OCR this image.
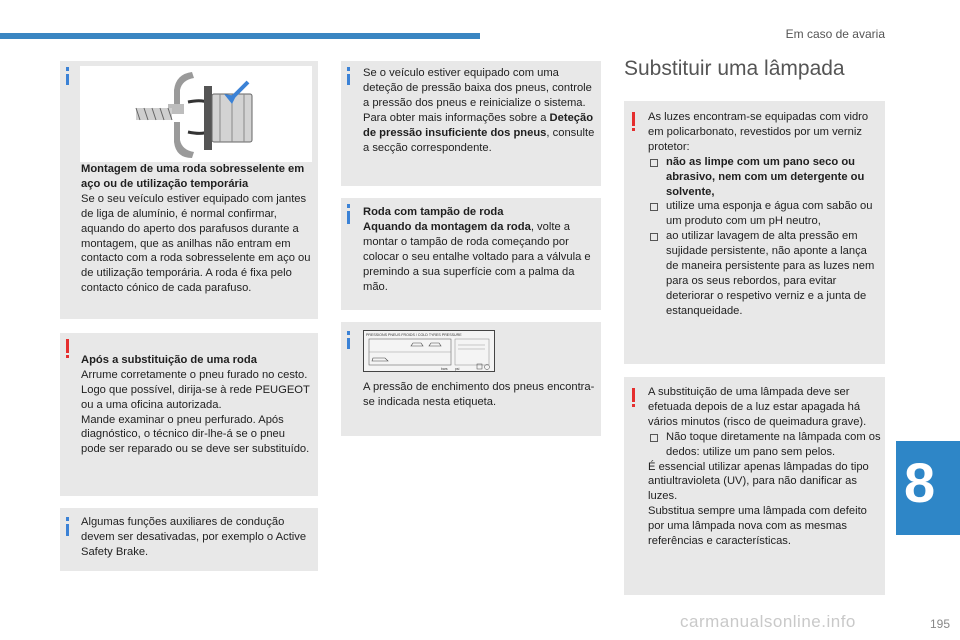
Em caso de avaria
Montagem de uma roda sobresselente em aço ou de utilização temporária
Se o seu veículo estiver equipado com jantes de liga de alumínio, é normal confirmar, aquando do aperto dos parafusos durante a montagem, que as anilhas não entram em contacto com a roda sobresselente em aço ou de utilização temporária. A roda é fixa pelo contacto cónico de cada parafuso.

Após a substituição de uma roda
Arrume corretamente o pneu furado no cesto.
Logo que possível, dirija-se à rede PEUGEOT ou a uma oficina autorizada.
Mande examinar o pneu perfurado. Após diagnóstico, o técnico dir-lhe-á se o pneu pode ser reparado ou se deve ser substituído.

Algumas funções auxiliares de condução devem ser desativadas, por exemplo o Active Safety Brake.
Se o veículo estiver equipado com uma deteção de pressão baixa dos pneus, controle a pressão dos pneus e reinicialize o sistema.
Para obter mais informações sobre a Deteção de pressão insuficiente dos pneus, consulte a secção correspondente.
Roda com tampão de roda
Aquando da montagem da roda, volte a montar o tampão de roda começando por colocar o seu entalhe voltado para a válvula e premindo a sua superfície com a palma da mão.
PRESSIONS PNEUS FROIDS / COLD TYRES PRESSURE
bars psi
A pressão de enchimento dos pneus encontra-se indicada nesta etiqueta.
Substituir uma lâmpada
As luzes encontram-se equipadas com vidro em policarbonato, revestidos por um verniz protetor:
não as limpe com um pano seco ou abrasivo, nem com um detergente ou solvente,
utilize uma esponja e água com sabão ou um produto com um pH neutro,
ao utilizar lavagem de alta pressão em sujidade persistente, não aponte a lança de maneira persistente para as luzes nem para os seus rebordos, para evitar deteriorar o respetivo verniz e a junta de estanqueidade.
A substituição de uma lâmpada deve ser efetuada depois de a luz estar apagada há vários minutos (risco de queimadura grave).
Não toque diretamente na lâmpada com os dedos: utilize um pano sem pelos.
É essencial utilizar apenas lâmpadas do tipo antiultravioleta (UV), para não danificar as luzes.
Substitua sempre uma lâmpada com defeito por uma lâmpada nova com as mesmas referências e características.
8
carmanualsonline.info	195
